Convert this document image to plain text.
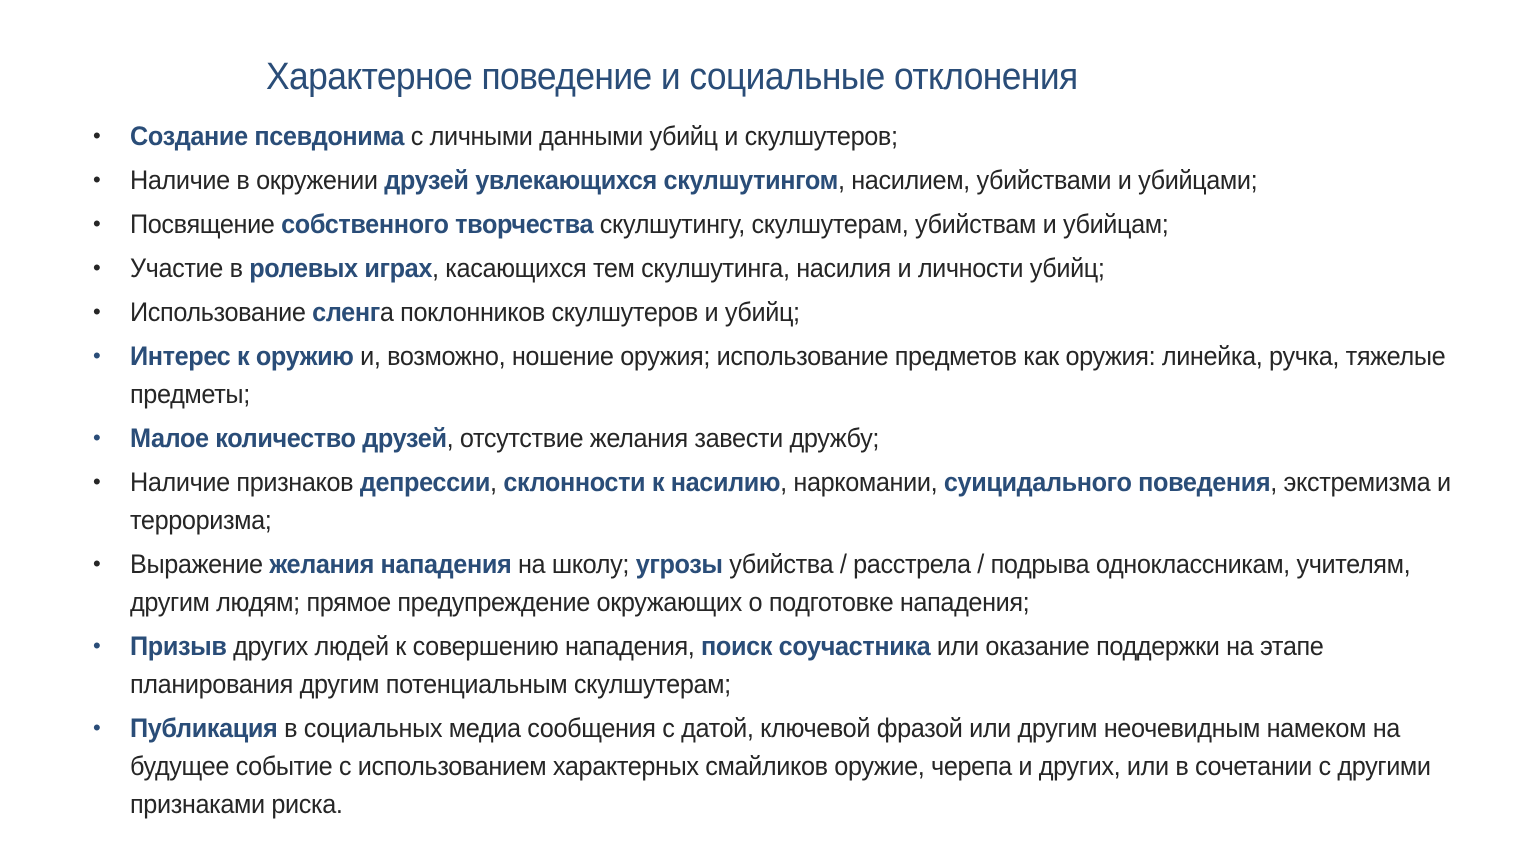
Характерное поведение и социальные отклонения
• Создание псевдонима с личными данными убийц и скулшутеров;
• Наличие в окружении друзей увлекающихся скулшутингом, насилием, убийствами и убийцами;
• Посвящение собственного творчества скулшутингу, скулшутерам, убийствам и убийцам;
• Участие в ролевых играх, касающихся тем скулшутинга, насилия и личности убийц;
• Использование сленга поклонников скулшутеров и убийц;
• Интерес к оружию и, возможно, ношение оружия; использование предметов как оружия: линейка, ручка, тяжелые предметы;
• Малое количество друзей, отсутствие желания завести дружбу;
• Наличие признаков депрессии, склонности к насилию, наркомании, суицидального поведения, экстремизма и терроризма;
• Выражение желания нападения на школу; угрозы убийства / расстрела / подрыва одноклассникам, учителям, другим людям; прямое предупреждение окружающих о подготовке нападения;
• Призыв других людей к совершению нападения, поиск соучастника или оказание поддержки на этапе планирования другим потенциальным скулшутерам;
• Публикация в социальных медиа сообщения с датой, ключевой фразой или другим неочевидным намеком на будущее событие с использованием характерных смайликов оружие, черепа и других, или в сочетании с другими признаками риска.
